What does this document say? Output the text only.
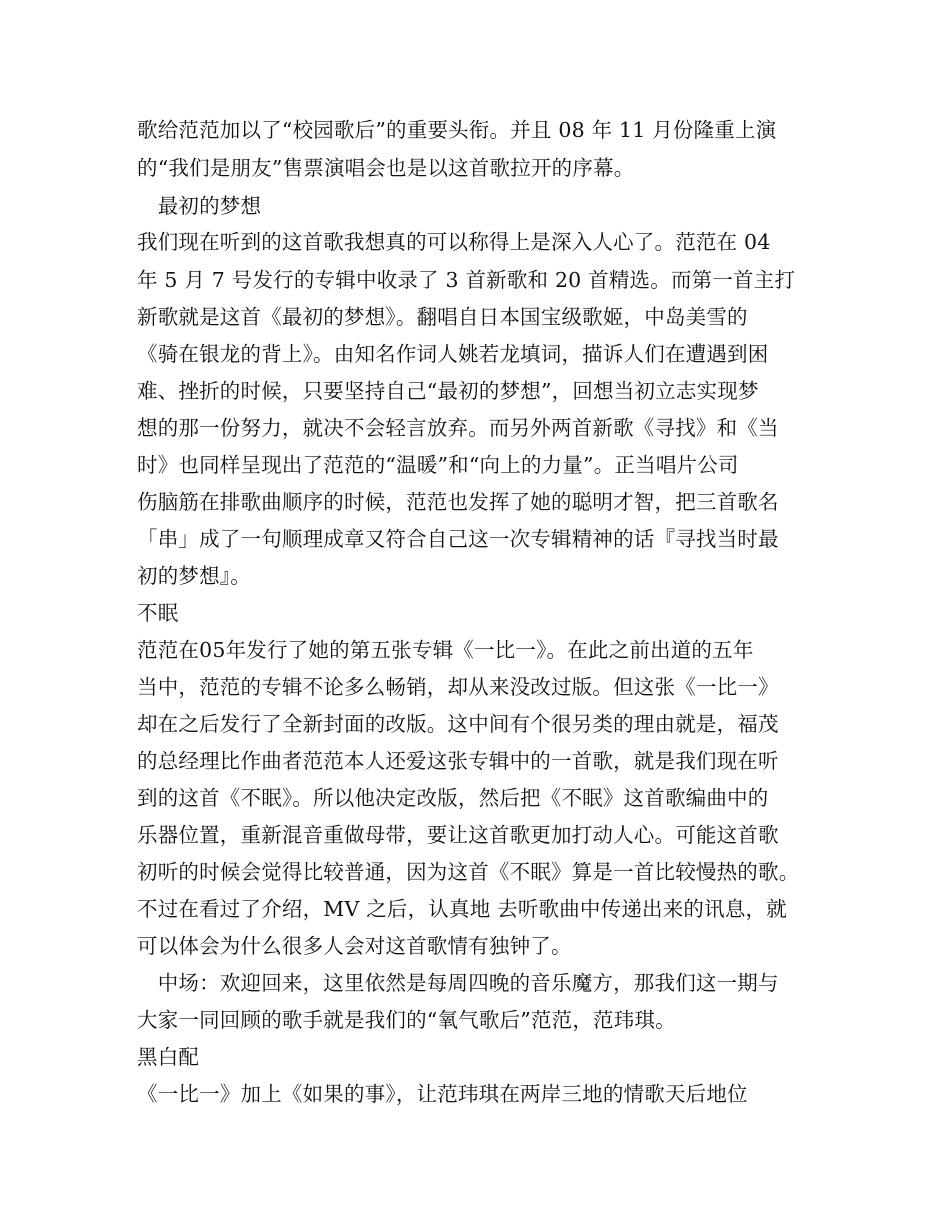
歌给范范加以了“校园歌后”的重要头衔。并且 08 年 11 月份隆重上演
的“我们是朋友”售票演唱会也是以这首歌拉开的序幕。
　最初的梦想
我们现在听到的这首歌我想真的可以称得上是深入人心了。范范在 04
年 5 月 7 号发行的专辑中收录了 3 首新歌和 20 首精选。而第一首主打
新歌就是这首《最初的梦想》。翻唱自日本国宝级歌姬，中岛美雪的
《骑在银龙的背上》。由知名作词人姚若龙填词，描诉人们在遭遇到困
难、挫折的时候，只要坚持自己“最初的梦想”，回想当初立志实现梦
想的那一份努力，就决不会轻言放弃。而另外两首新歌《寻找》和《当
时》也同样呈现出了范范的“温暖”和“向上的力量”。正当唱片公司
伤脑筋在排歌曲顺序的时候，范范也发挥了她的聪明才智，把三首歌名
「串」成了一句顺理成章又符合自己这一次专辑精神的话『寻找当时最
初的梦想』。
不眠
范范在05年发行了她的第五张专辑《一比一》。在此之前出道的五年
当中，范范的专辑不论多么畅销，却从来没改过版。但这张《一比一》
却在之后发行了全新封面的改版。这中间有个很另类的理由就是，福茂
的总经理比作曲者范范本人还爱这张专辑中的一首歌，就是我们现在听
到的这首《不眠》。所以他决定改版，然后把《不眠》这首歌编曲中的
乐器位置，重新混音重做母带，要让这首歌更加打动人心。可能这首歌
初听的时候会觉得比较普通，因为这首《不眠》算是一首比较慢热的歌。
不过在看过了介绍，MV 之后，认真地 去听歌曲中传递出来的讯息，就
可以体会为什么很多人会对这首歌情有独钟了。
　中场：欢迎回来，这里依然是每周四晚的音乐魔方，那我们这一期与
大家一同回顾的歌手就是我们的“氧气歌后”范范，范玮琪。
黑白配
《一比一》加上《如果的事》，让范玮琪在两岸三地的情歌天后地位
